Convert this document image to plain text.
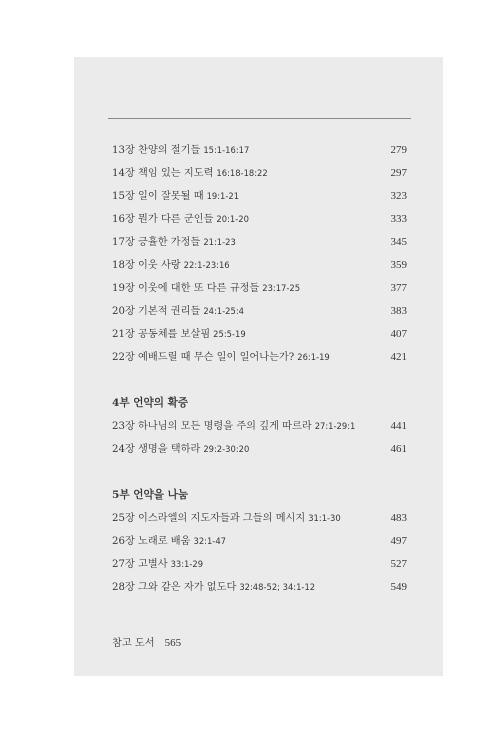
13장 찬양의 절기들 15:1-16:17	279
14장 책임 있는 지도력 16:18-18:22	297
15장 일이 잘못될 때 19:1-21	323
16장 뭔가 다른 군인들 20:1-20	333
17장 긍휼한 가정들 21:1-23	345
18장 이웃 사랑 22:1-23:16	359
19장 이웃에 대한 또 다른 규정들 23:17-25	377
20장 기본적 권리들 24:1-25:4	383
21장 공동체를 보살핌 25:5-19	407
22장 예배드릴 때 무슨 일이 일어나는가? 26:1-19	421
4부 언약의 확증
23장 하나님의 모든 명령을 주의 깊게 따르라 27:1-29:1	441
24장 생명을 택하라 29:2-30:20	461
5부 언약을 나눔
25장 이스라엘의 지도자들과 그들의 메시지 31:1-30	483
26장 노래로 배움 32:1-47	497
27장 고별사 33:1-29	527
28장 그와 같은 자가 없도다 32:48-52; 34:1-12	549
참고 도서 565
